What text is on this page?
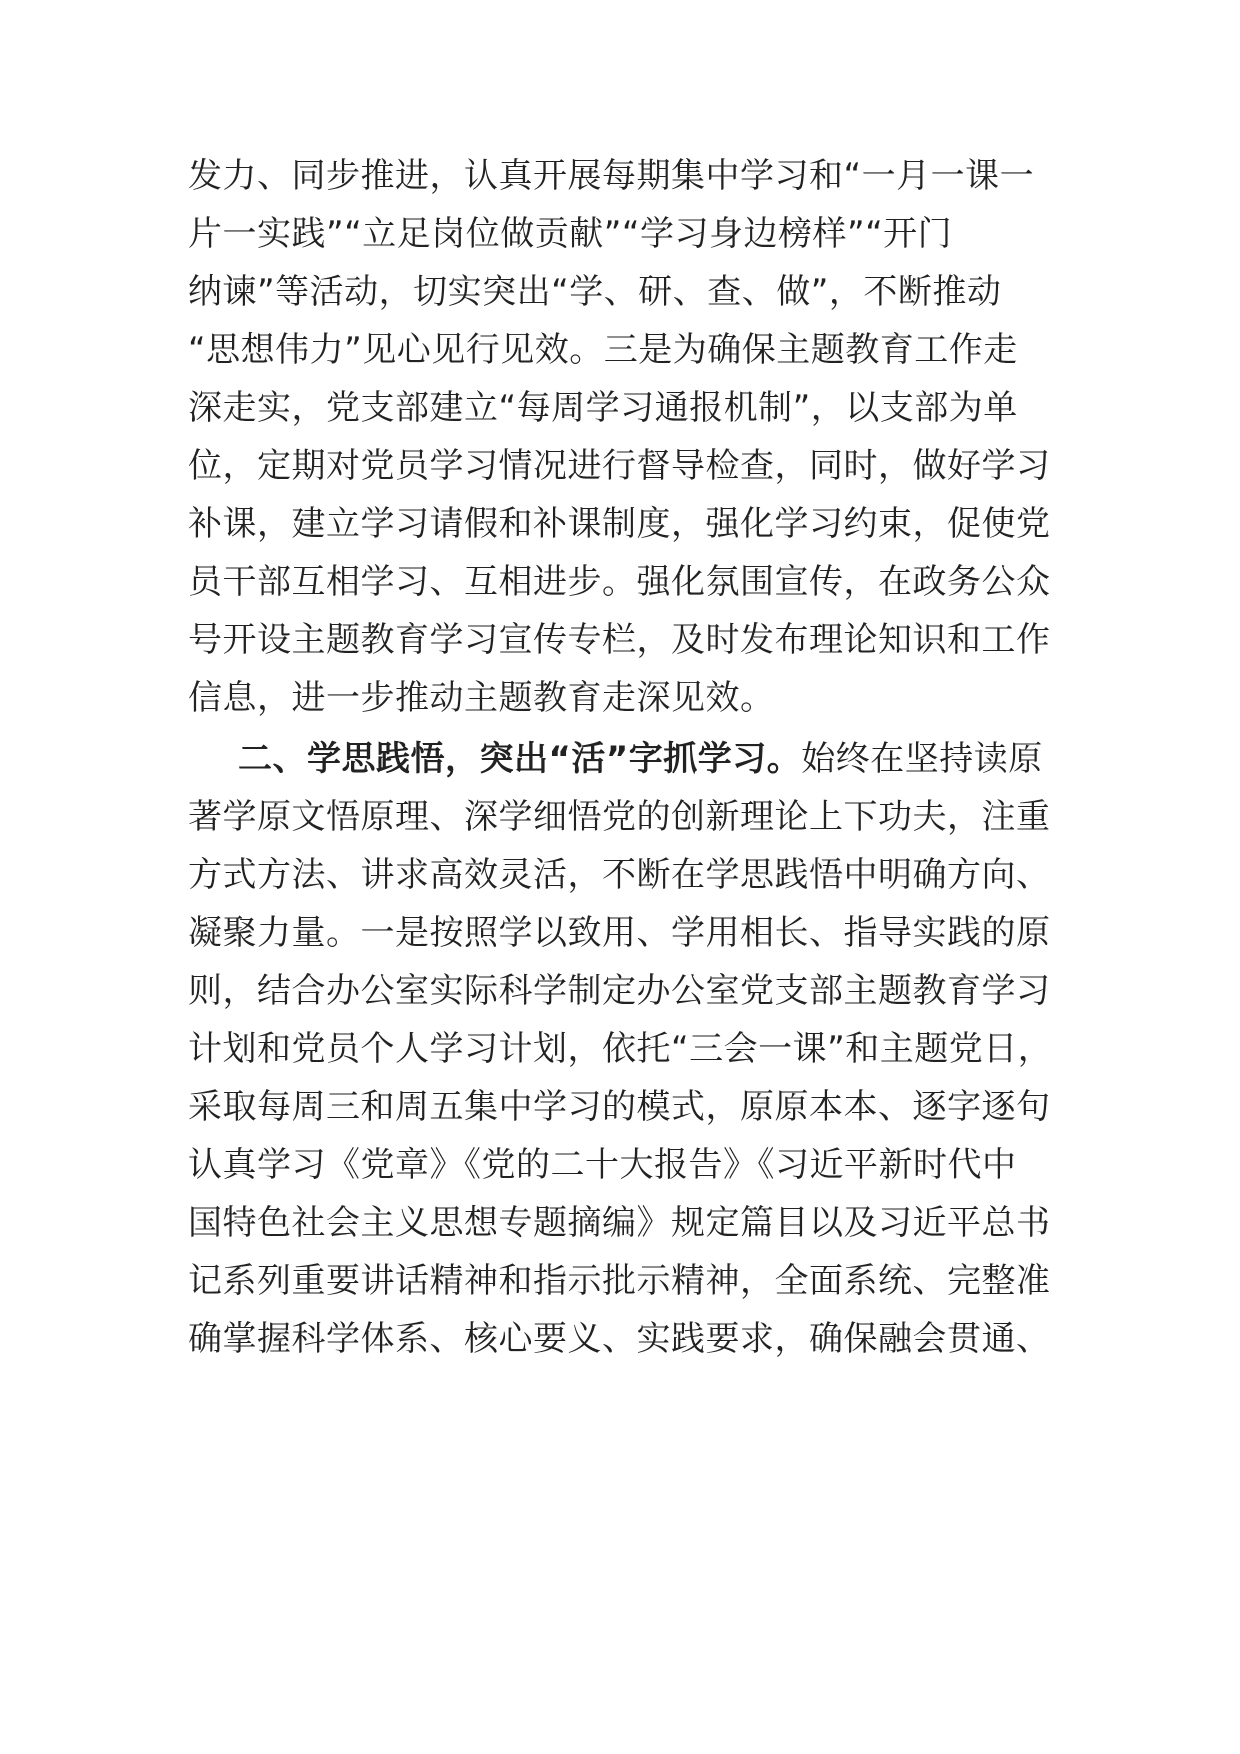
发力、同步推进，认真开展每期集中学习和“一月一课一
片一实践”“立足岗位做贡献”“学习身边榜样”“开门
纳谏”等活动，切实突出“学、研、查、做”，不断推动
“思想伟力”见心见行见效。三是为确保主题教育工作走
深走实，党支部建立“每周学习通报机制”，以支部为单
位，定期对党员学习情况进行督导检查，同时，做好学习
补课，建立学习请假和补课制度，强化学习约束，促使党
员干部互相学习、互相进步。强化氛围宣传，在政务公众
号开设主题教育学习宣传专栏，及时发布理论知识和工作
信息，进一步推动主题教育走深见效。
二、学思践悟，突出“活”字抓学习。始终在坚持读原
著学原文悟原理、深学细悟党的创新理论上下功夫，注重
方式方法、讲求高效灵活，不断在学思践悟中明确方向、
凝聚力量。一是按照学以致用、学用相长、指导实践的原
则，结合办公室实际科学制定办公室党支部主题教育学习
计划和党员个人学习计划，依托“三会一课”和主题党日，
采取每周三和周五集中学习的模式，原原本本、逐字逐句
认真学习《党章》《党的二十大报告》《习近平新时代中
国特色社会主义思想专题摘编》规定篇目以及习近平总书
记系列重要讲话精神和指示批示精神，全面系统、完整准
确掌握科学体系、核心要义、实践要求，确保融会贯通、
